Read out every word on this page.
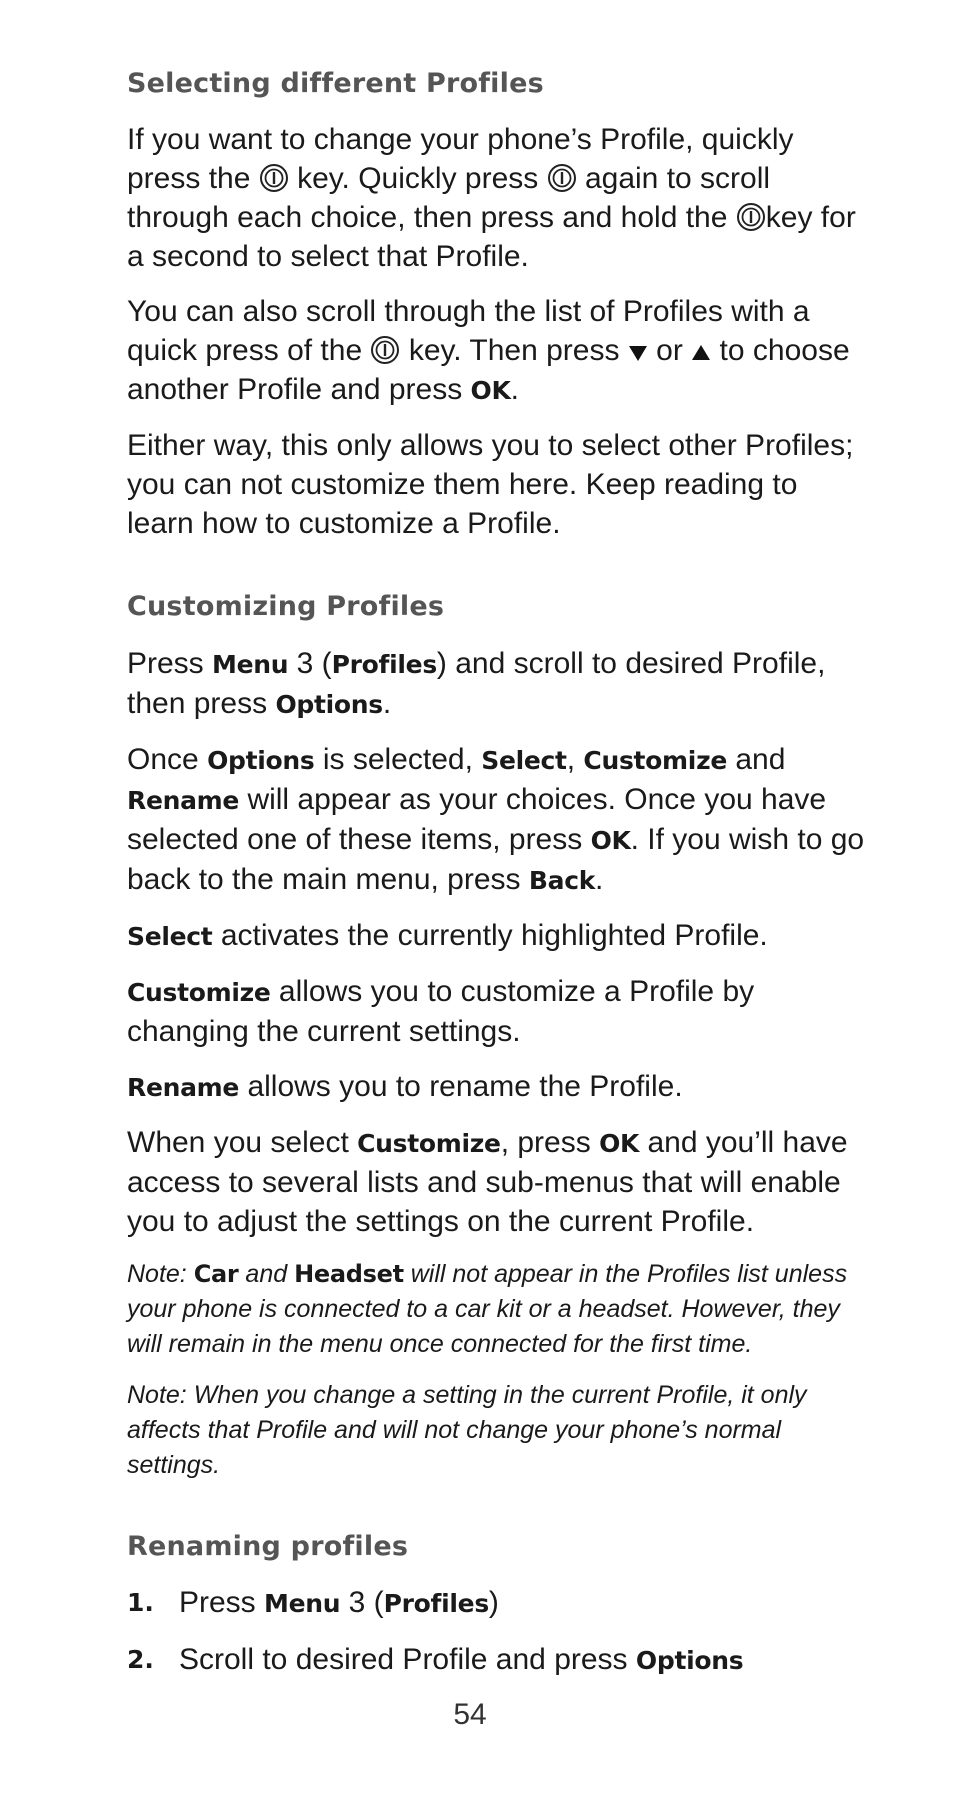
Selecting different Profiles

If you want to change your phone’s Profile, quickly press the key. Quickly press again to scroll through each choice, then press and hold the key for a second to select that Profile.

You can also scroll through the list of Profiles with a quick press of the key. Then press or to choose another Profile and press OK.

Either way, this only allows you to select other Profiles; you can not customize them here. Keep reading to learn how to customize a Profile.

Customizing Profiles

Press Menu 3 (Profiles) and scroll to desired Profile, then press Options.

Once Options is selected, Select, Customize and Rename will appear as your choices. Once you have selected one of these items, press OK. If you wish to go back to the main menu, press Back.

Select activates the currently highlighted Profile.

Customize allows you to customize a Profile by changing the current settings.

Rename allows you to rename the Profile.

When you select Customize, press OK and you’ll have access to several lists and sub-menus that will enable you to adjust the settings on the current Profile.

Note: Car and Headset will not appear in the Profiles list unless your phone is connected to a car kit or a headset. However, they will remain in the menu once connected for the first time.

Note: When you change a setting in the current Profile, it only affects that Profile and will not change your phone’s normal settings.

Renaming profiles
1. Press Menu 3 (Profiles)
2. Scroll to desired Profile and press Options
54
